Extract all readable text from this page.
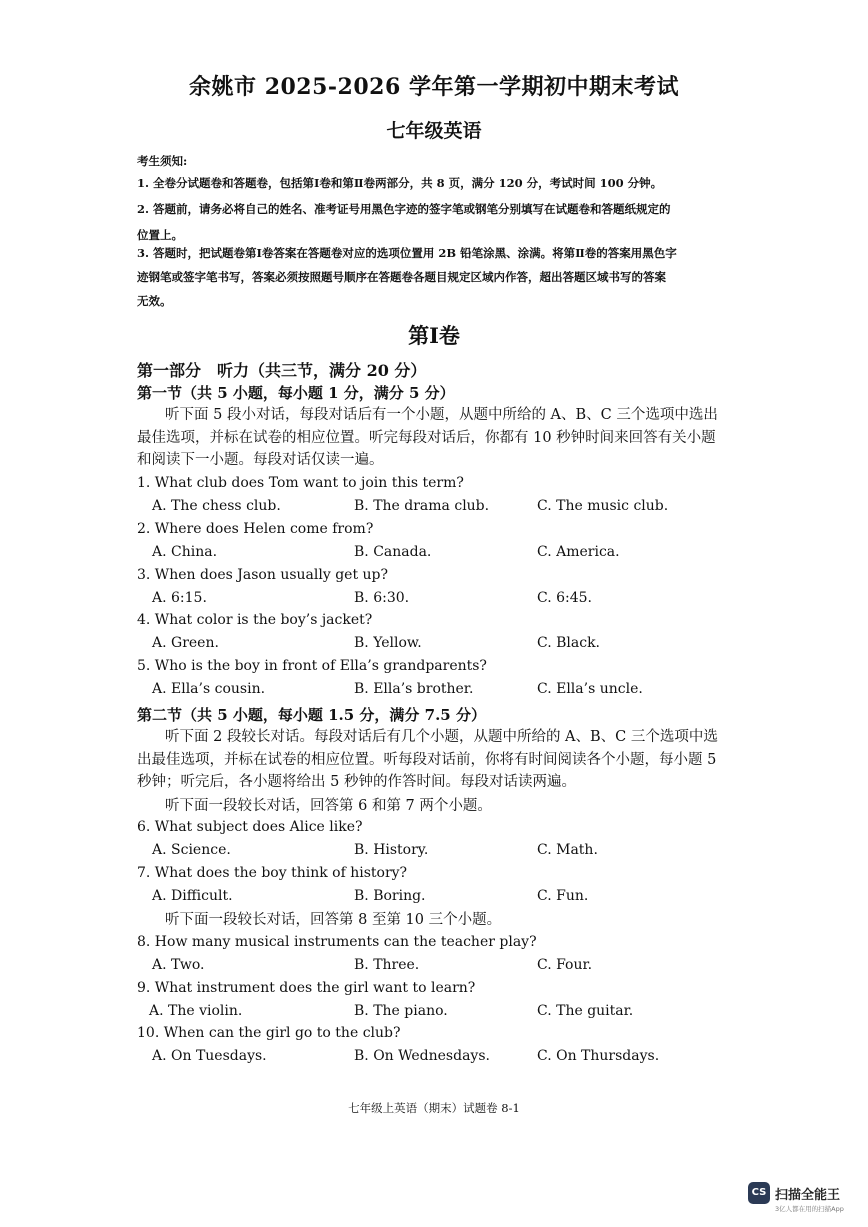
余姚市 2025-2026 学年第一学期初中期末考试
七年级英语
考生须知:
1. 全卷分试题卷和答题卷，包括第Ⅰ卷和第Ⅱ卷两部分，共 8 页，满分 120 分，考试时间 100 分钟。
2. 答题前，请务必将自己的姓名、准考证号用黑色字迹的签字笔或钢笔分别填写在试题卷和答题纸规定的
位置上。
3. 答题时，把试题卷第Ⅰ卷答案在答题卷对应的选项位置用 2B 铅笔涂黑、涂满。将第Ⅱ卷的答案用黑色字
迹钢笔或签字笔书写，答案必须按照题号顺序在答题卷各题目规定区域内作答，超出答题区域书写的答案
无效。
第Ⅰ卷
第一部分　听力（共三节，满分 20 分）
第一节（共 5 小题，每小题 1 分，满分 5 分）
听下面 5 段小对话，每段对话后有一个小题，从题中所给的 A、B、C 三个选项中选出
最佳选项，并标在试卷的相应位置。听完每段对话后，你都有 10 秒钟时间来回答有关小题
和阅读下一小题。每段对话仅读一遍。
1. What club does Tom want to join this term?
A. The chess club.	B. The drama club.	C. The music club.
2. Where does Helen come from?
A. China.	B. Canada.	C. America.
3. When does Jason usually get up?
A. 6:15.	B. 6:30.	C. 6:45.
4. What color is the boy’s jacket?
A. Green.	B. Yellow.	C. Black.
5. Who is the boy in front of Ella’s grandparents?
A. Ella’s cousin.	B. Ella’s brother.	C. Ella’s uncle.
第二节（共 5 小题，每小题 1.5 分，满分 7.5 分）
听下面 2 段较长对话。每段对话后有几个小题，从题中所给的 A、B、C 三个选项中选
出最佳选项，并标在试卷的相应位置。听每段对话前，你将有时间阅读各个小题，每小题 5
秒钟；听完后，各小题将给出 5 秒钟的作答时间。每段对话读两遍。
听下面一段较长对话，回答第 6 和第 7 两个小题。
6. What subject does Alice like?
A. Science.	B. History.	C. Math.
7. What does the boy think of history?
A. Difficult.	B. Boring.	C. Fun.
听下面一段较长对话，回答第 8 至第 10 三个小题。
8. How many musical instruments can the teacher play?
A. Two.	B. Three.	C. Four.
9. What instrument does the girl want to learn?
A. The violin.	B. The piano.	C. The guitar.
10. When can the girl go to the club?
A. On Tuesdays.	B. On Wednesdays.	C. On Thursdays.
七年级上英语（期末）试题卷 8-1
CS 扫描全能王
3亿人都在用的扫描App
